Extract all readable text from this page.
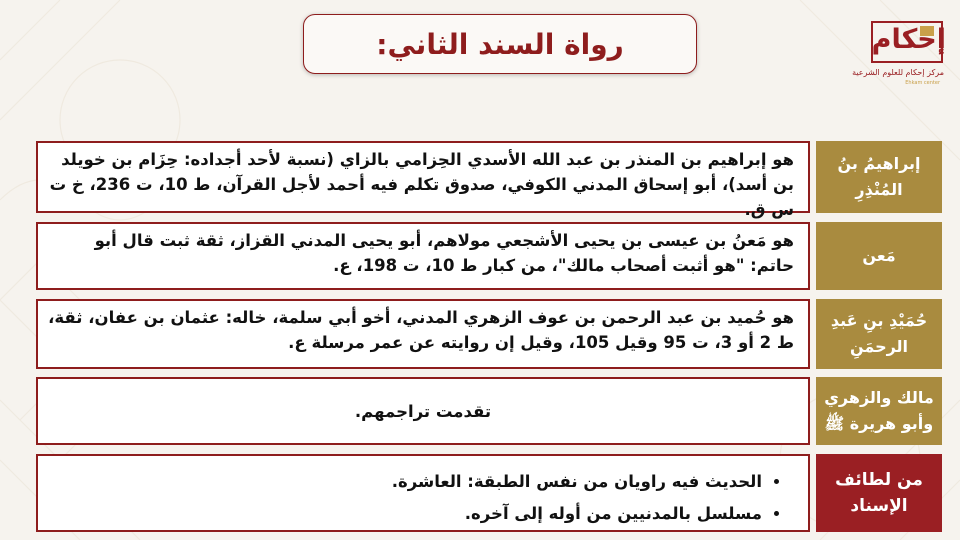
إحكام
مركز إحكام للعلوم الشرعية
Ehkam center
رواة السند الثاني:
هو إبراهيم بن المنذر بن عبد الله الأسدي الحِزامي بالزاي (نسبة لأحد أجداده: حِزَام بن خويلد بن أسد)، أبو إسحاق المدني الكوفي، صدوق تكلم فيه أحمد لأجل القرآن، ط 10، ت 236، خ ت س ق.
إبراهيمُ بنُ المُنْذِرِ
هو مَعنُ بن عيسى بن يحيى الأشجعي مولاهم، أبو يحيى المدني القزاز، ثقة ثبت قال أبو حاتم: "هو أثبت أصحاب مالك"، من كبار ط 10، ت 198، ع.
مَعن
هو حُميد بن عبد الرحمن بن عوف الزهري المدني، أخو أبي سلمة، خاله: عثمان بن عفان، ثقة، ط 2 أو 3، ت 95 وقيل 105، وقيل إن روايته عن عمر مرسلة ع.
حُمَيْدِ بنِ عَبدِ الرحمَنِ
تقدمت تراجمهم.
مالك والزهري وأبو هريرة ﷺ
• الحديث فيه راويان من نفس الطبقة: العاشرة.
• مسلسل بالمدنيين من أوله إلى آخره.
من لطائف الإسناد
